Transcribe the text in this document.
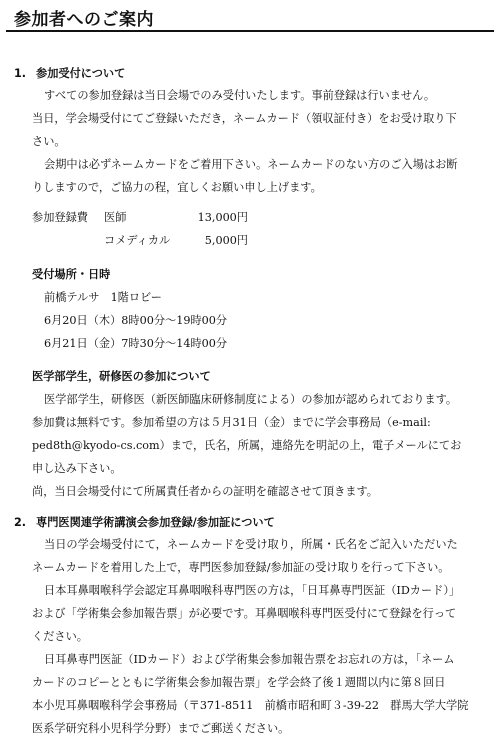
参加者へのご案内
1. 参加受付について
すべての参加登録は当日会場でのみ受付いたします。事前登録は行いません。
当日，学会場受付にてご登録いただき，ネームカード（領収証付き）をお受け取り下
さい。
会期中は必ずネームカードをご着用下さい。ネームカードのない方のご入場はお断
りしますので，ご協力の程，宜しくお願い申し上げます。
参加登録費 医師	13,000円
コメディカル	5,000円
受付場所・日時
前橋テルサ　1階ロビー
6月20日（木）8時00分～19時00分
6月21日（金）7時30分～14時00分
医学部学生，研修医の参加について
医学部学生，研修医（新医師臨床研修制度による）の参加が認められております。
参加費は無料です。参加希望の方は５月31日（金）までに学会事務局（e-mail:
ped8th@kyodo-cs.com）まで，氏名，所属，連絡先を明記の上，電子メールにてお
申し込み下さい。
尚，当日会場受付にて所属責任者からの証明を確認させて頂きます。
2. 専門医関連学術講演会参加登録/参加証について
当日の学会場受付にて，ネームカードを受け取り，所属・氏名をご記入いただいた
ネームカードを着用した上で，専門医参加登録/参加証の受け取りを行って下さい。
日本耳鼻咽喉科学会認定耳鼻咽喉科専門医の方は，「日耳鼻専門医証（IDカード）」
および「学術集会参加報告票」が必要です。耳鼻咽喉科専門医受付にて登録を行って
ください。
日耳鼻専門医証（IDカード）および学術集会参加報告票をお忘れの方は，「ネーム
カードのコピーとともに学術集会参加報告票」を学会終了後１週間以内に第８回日
本小児耳鼻咽喉科学会事務局（〒371-8511　前橋市昭和町３-39-22　群馬大学大学院
医系学研究科小児科学分野）までご郵送ください。
